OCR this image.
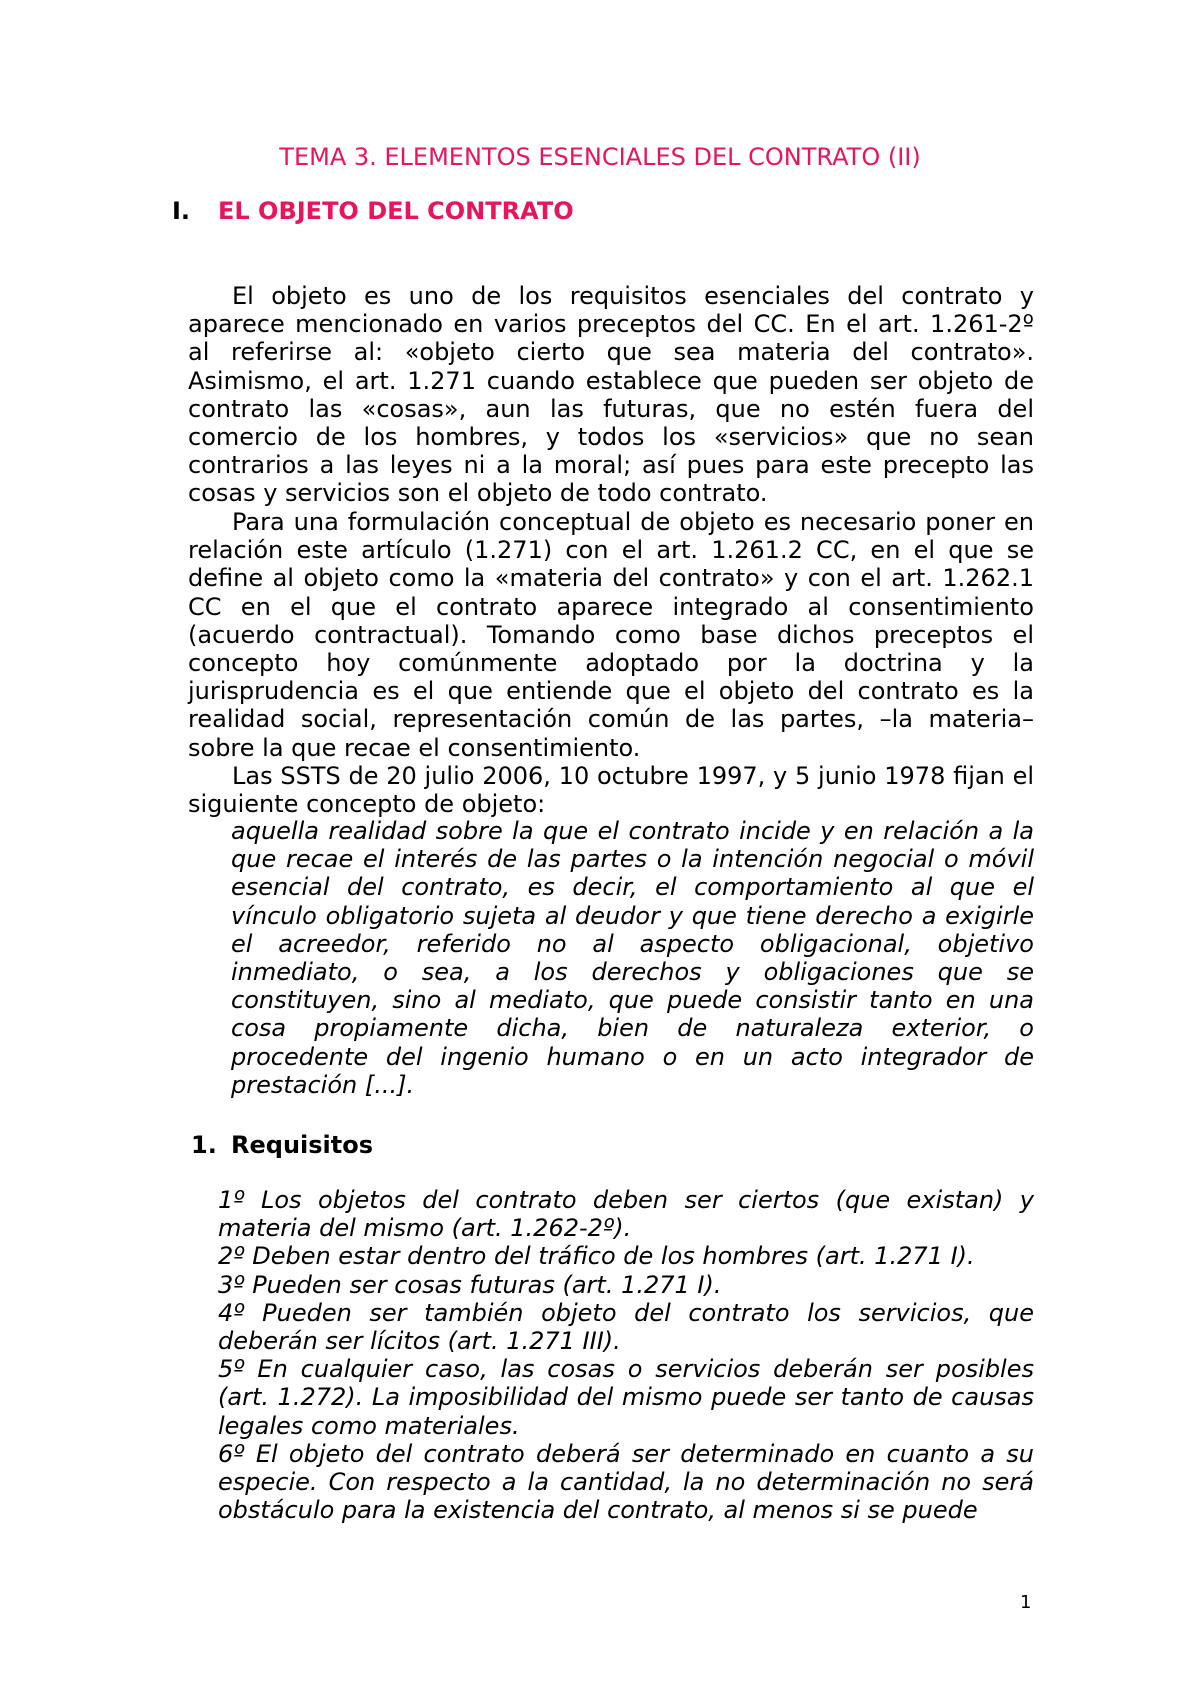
TEMA 3. ELEMENTOS ESENCIALES DEL CONTRATO (II)
I. EL OBJETO DEL CONTRATO

El objeto es uno de los requisitos esenciales del contrato y aparece mencionado en varios preceptos del CC. En el art. 1.261-2º al referirse al: «objeto cierto que sea materia del contrato». Asimismo, el art. 1.271 cuando establece que pueden ser objeto de contrato las «cosas», aun las futuras, que no estén fuera del comercio de los hombres, y todos los «servicios» que no sean contrarios a las leyes ni a la moral; así pues para este precepto las cosas y servicios son el objeto de todo contrato.

Para una formulación conceptual de objeto es necesario poner en relación este artículo (1.271) con el art. 1.261.2 CC, en el que se define al objeto como la «materia del contrato» y con el art. 1.262.1 CC en el que el contrato aparece integrado al consentimiento (acuerdo contractual). Tomando como base dichos preceptos el concepto hoy comúnmente adoptado por la doctrina y la jurisprudencia es el que entiende que el objeto del contrato es la realidad social, representación común de las partes, –la materia– sobre la que recae el consentimiento.

Las SSTS de 20 julio 2006, 10 octubre 1997, y 5 junio 1978 fijan el siguiente concepto de objeto:

aquella realidad sobre la que el contrato incide y en relación a la que recae el interés de las partes o la intención negocial o móvil esencial del contrato, es decir, el comportamiento al que el vínculo obligatorio sujeta al deudor y que tiene derecho a exigirle el acreedor, referido no al aspecto obligacional, objetivo inmediato, o sea, a los derechos y obligaciones que se constituyen, sino al mediato, que puede consistir tanto en una cosa propiamente dicha, bien de naturaleza exterior, o procedente del ingenio humano o en un acto integrador de prestación [...].

1. Requisitos
1º Los objetos del contrato deben ser ciertos (que existan) y materia del mismo (art. 1.262-2º).
2º Deben estar dentro del tráfico de los hombres (art. 1.271 I).
3º Pueden ser cosas futuras (art. 1.271 I).
4º Pueden ser también objeto del contrato los servicios, que deberán ser lícitos (art. 1.271 III).
5º En cualquier caso, las cosas o servicios deberán ser posibles (art. 1.272). La imposibilidad del mismo puede ser tanto de causas legales como materiales.
6º El objeto del contrato deberá ser determinado en cuanto a su especie. Con respecto a la cantidad, la no determinación no será obstáculo para la existencia del contrato, al menos si se puede
1
